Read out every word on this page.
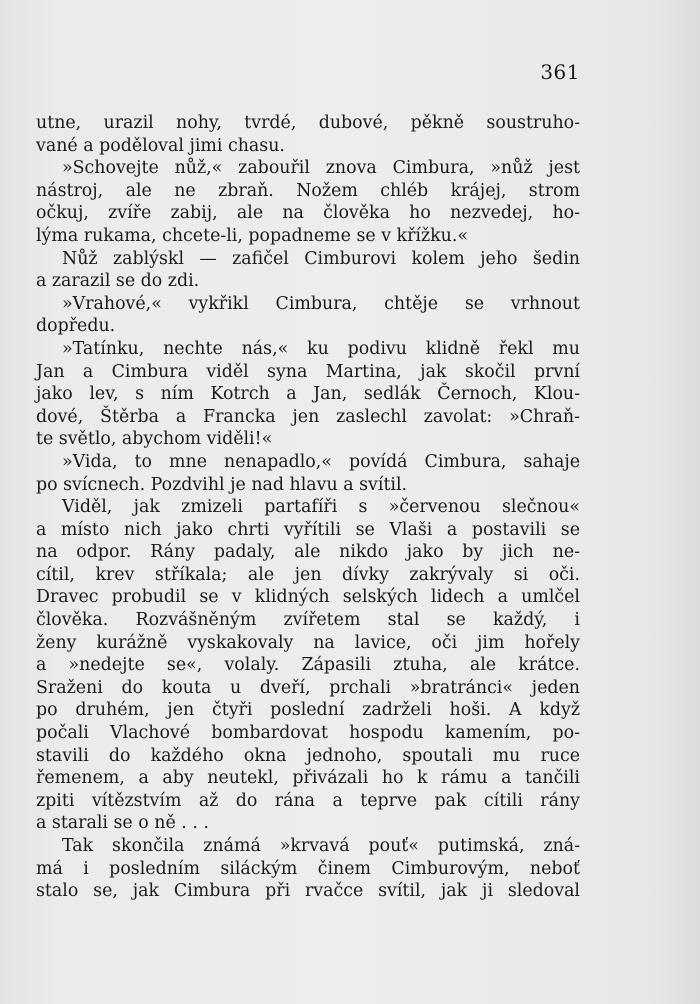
361
utne, urazil nohy, tvrdé, dubové, pěkně soustruho-
vané a poděloval jimi chasu.
»Schovejte nůž,« zabouřil znova Cimbura, »nůž jest
nástroj, ale ne zbraň. Nožem chléb krájej, strom
očkuj, zvíře zabij, ale na člověka ho nezvedej, ho-
lýma rukama, chcete-li, popadneme se v křížku.«
Nůž zablýskl — zafičel Cimburovi kolem jeho šedin
a zarazil se do zdi.
»Vrahové,« vykřikl Cimbura, chtěje se vrhnout
dopředu.
»Tatínku, nechte nás,« ku podivu klidně řekl mu
Jan a Cimbura viděl syna Martina, jak skočil první
jako lev, s ním Kotrch a Jan, sedlák Černoch, Klou-
dové, Štěrba a Francka jen zaslechl zavolat: »Chraň-
te světlo, abychom viděli!«
»Vida, to mne nenapadlo,« povídá Cimbura, sahaje
po svícnech. Pozdvihl je nad hlavu a svítil.
Viděl, jak zmizeli partafíři s »červenou slečnou«
a místo nich jako chrti vyřítili se Vlaši a postavili se
na odpor. Rány padaly, ale nikdo jako by jich ne-
cítil, krev stříkala; ale jen dívky zakrývaly si oči.
Dravec probudil se v klidných selských lidech a umlčel
člověka. Rozvášněným zvířetem stal se každý, i
ženy kurážně vyskakovaly na lavice, oči jim hořely
a »nedejte se«, volaly. Zápasili ztuha, ale krátce.
Sraženi do kouta u dveří, prchali »bratránci« jeden
po druhém, jen čtyři poslední zadrželi hoši. A když
počali Vlachové bombardovat hospodu kamením, po-
stavili do každého okna jednoho, spoutali mu ruce
řemenem, a aby neutekl, přivázali ho k rámu a tančili
zpiti vítězstvím až do rána a teprve pak cítili rány
a starali se o ně . . .
Tak skončila známá »krvavá pouť« putimská, zná-
má i posledním siláckým činem Cimburovým, neboť
stalo se, jak Cimbura při rvačce svítil, jak ji sledoval
